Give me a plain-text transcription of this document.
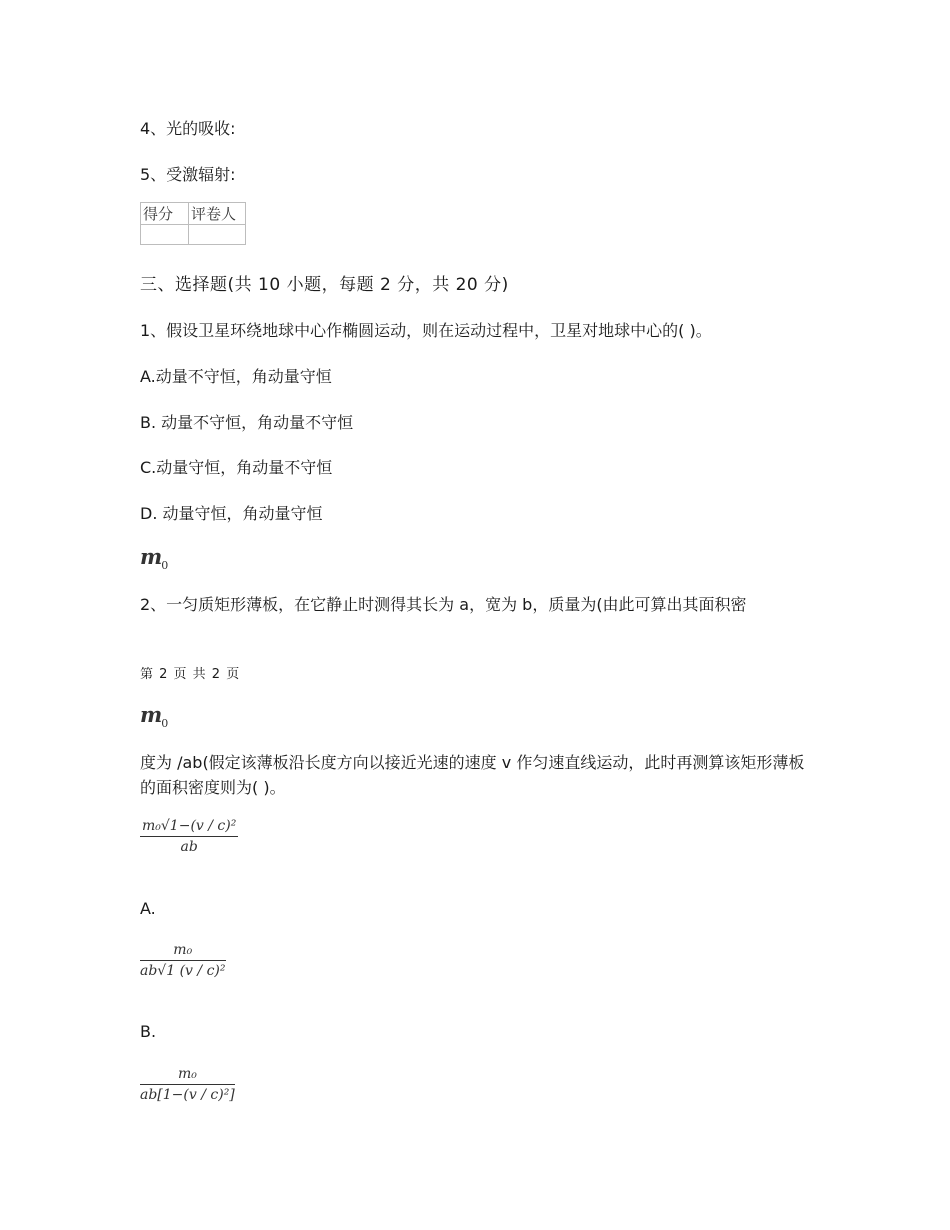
4、光的吸收:
5、受激辐射:
得分	评卷人

三、选择题(共 10 小题，每题 2 分，共 20 分)
1、假设卫星环绕地球中心作椭圆运动，则在运动过程中，卫星对地球中心的( )。
A.动量不守恒，角动量守恒
B. 动量不守恒，角动量不守恒
C.动量守恒，角动量不守恒
D. 动量守恒，角动量守恒
$m_0$
2、一匀质矩形薄板，在它静止时测得其长为 a，宽为 b，质量为(由此可算出其面积密
第 2 页 共 2 页
$m_0$
度为 /ab(假定该薄板沿长度方向以接近光速的速度 v 作匀速直线运动，此时再测算该矩形薄板的面积密度则为( )。
$\frac{\text{m₀√1−(v / c)²}}{ab}$
A.
$\frac{\text{m₀}}{\text{ab√1 (v / c)²}}$
B.
$\frac{\text{m₀}}{\text{ab[1−(v / c)²]}}$
